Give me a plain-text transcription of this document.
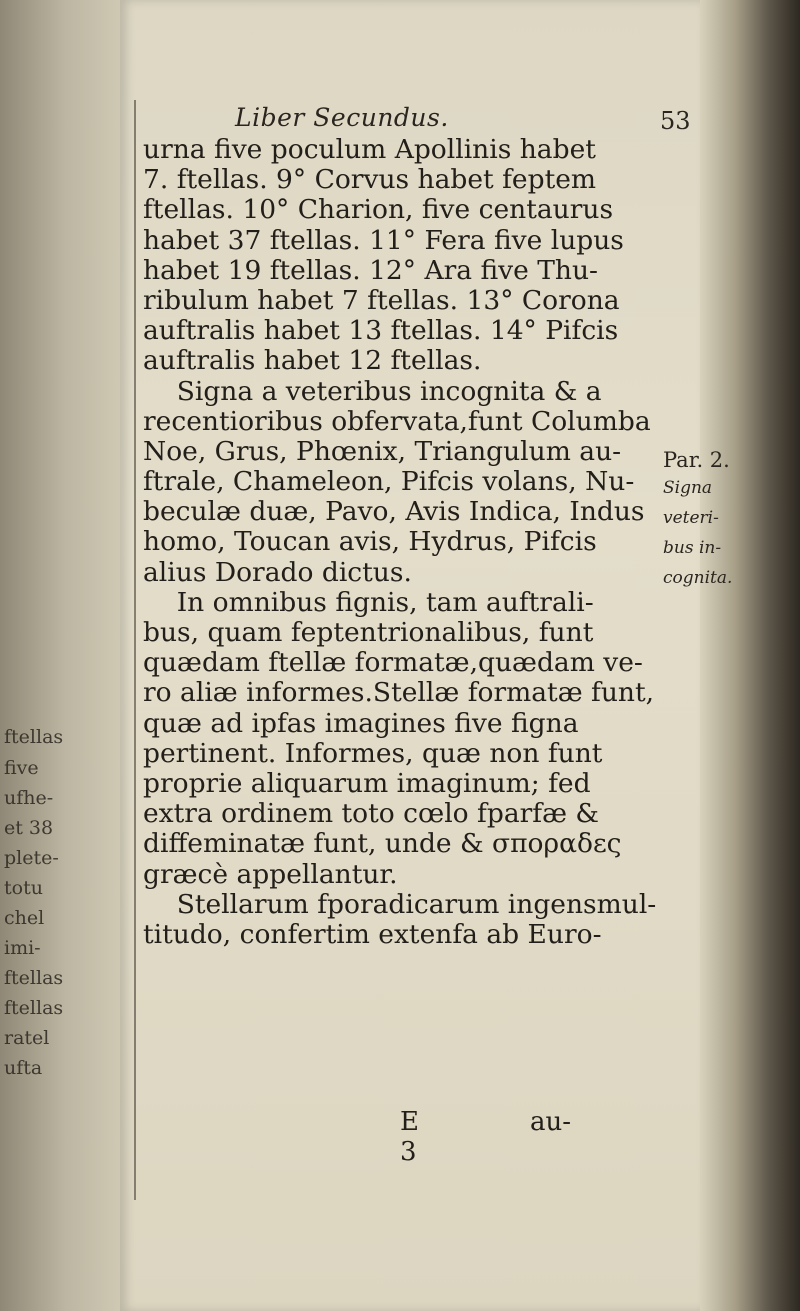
ftellas
five
ufhe-
et 38
plete-
totu
chel
imi-
ftellas
ftellas
ratel
ufta
Liber Secundus.	53
urna five poculum Apollinis habet
7. ftellas. 9° Corvus habet feptem
ftellas. 10° Charion, five centaurus
habet 37 ftellas. 11° Fera five lupus
habet 19 ftellas. 12° Ara five Thu-
ribulum habet 7 ftellas. 13° Corona
auftralis habet 13 ftellas. 14° Pifcis
auftralis habet 12 ftellas.
Signa a veteribus incognita & a
recentioribus obfervata,funt Columba
Noe, Grus, Phœnix, Triangulum au-
ftrale, Chameleon, Pifcis volans, Nu-
beculæ duæ, Pavo, Avis Indica, Indus
homo, Toucan avis, Hydrus, Pifcis
alius Dorado dictus.
In omnibus fignis, tam auftrali-
bus, quam feptentrionalibus, funt
quædam ftellæ formatæ,quædam ve-
ro aliæ informes.Stellæ formatæ funt,
quæ ad ipfas imagines five figna
pertinent. Informes, quæ non funt
proprie aliquarum imaginum; fed
extra ordinem toto cœlo fparfæ &
diffeminatæ funt, unde & σποραδες
græcè appellantur.
Stellarum fporadicarum ingensmul-
titudo, confertim extenfa ab Euro-
Par. 2.
Signa
veteri-
bus in-
cognita.
E 3
au-
